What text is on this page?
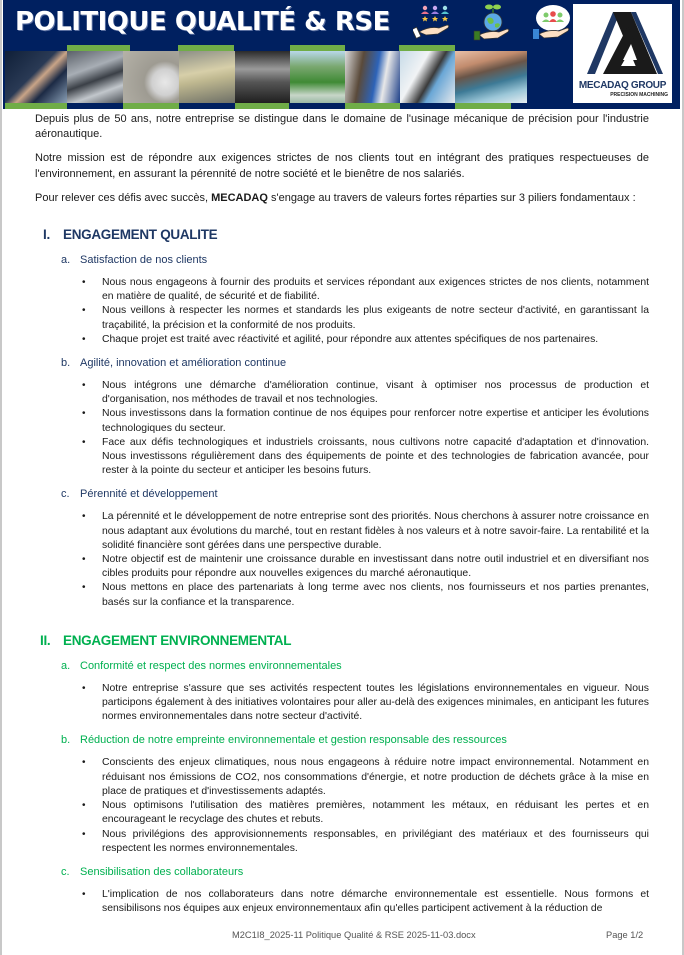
POLITIQUE QUALITÉ & RSE
MECADAQ GROUP
PRECISION MACHINING

Depuis plus de 50 ans, notre entreprise se distingue dans le domaine de l'usinage mécanique de précision pour l'industrie aéronautique.

Notre mission est de répondre aux exigences strictes de nos clients tout en intégrant des pratiques respectueuses de l'environnement, en assurant la pérennité de notre société et le bienêtre de nos salariés.

Pour relever ces défis avec succès, MECADAQ s'engage au travers de valeurs fortes réparties sur 3 piliers fondamentaux :

I. ENGAGEMENT QUALITE
a. Satisfaction de nos clients
• Nous nous engageons à fournir des produits et services répondant aux exigences strictes de nos clients, notamment en matière de qualité, de sécurité et de fiabilité.
• Nous veillons à respecter les normes et standards les plus exigeants de notre secteur d'activité, en garantissant la traçabilité, la précision et la conformité de nos produits.
• Chaque projet est traité avec réactivité et agilité, pour répondre aux attentes spécifiques de nos partenaires.
b. Agilité, innovation et amélioration continue
• Nous intégrons une démarche d'amélioration continue, visant à optimiser nos processus de production et d'organisation, nos méthodes de travail et nos technologies.
• Nous investissons dans la formation continue de nos équipes pour renforcer notre expertise et anticiper les évolutions technologiques du secteur.
• Face aux défis technologiques et industriels croissants, nous cultivons notre capacité d'adaptation et d'innovation. Nous investissons régulièrement dans des équipements de pointe et des technologies de fabrication avancée, pour rester à la pointe du secteur et anticiper les besoins futurs.
c. Pérennité et développement
• La pérennité et le développement de notre entreprise sont des priorités. Nous cherchons à assurer notre croissance en nous adaptant aux évolutions du marché, tout en restant fidèles à nos valeurs et à notre savoir-faire. La rentabilité et la solidité financière sont gérées dans une perspective durable.
• Notre objectif est de maintenir une croissance durable en investissant dans notre outil industriel et en diversifiant nos cibles produits pour répondre aux nouvelles exigences du marché aéronautique.
• Nous mettons en place des partenariats à long terme avec nos clients, nos fournisseurs et nos parties prenantes, basés sur la confiance et la transparence.
II. ENGAGEMENT ENVIRONNEMENTAL
a. Conformité et respect des normes environnementales
• Notre entreprise s'assure que ses activités respectent toutes les législations environnementales en vigueur. Nous participons également à des initiatives volontaires pour aller au-delà des exigences minimales, en anticipant les futures normes environnementales dans notre secteur d'activité.
b. Réduction de notre empreinte environnementale et gestion responsable des ressources
• Conscients des enjeux climatiques, nous nous engageons à réduire notre impact environnemental. Notamment en réduisant nos émissions de CO2, nos consommations d'énergie, et notre production de déchets grâce à la mise en place de pratiques et d'investissements adaptés.
• Nous optimisons l'utilisation des matières premières, notamment les métaux, en réduisant les pertes et en encourageant le recyclage des chutes et rebuts.
• Nous privilégions des approvisionnements responsables, en privilégiant des matériaux et des fournisseurs qui respectent les normes environnementales.
c. Sensibilisation des collaborateurs
• L'implication de nos collaborateurs dans notre démarche environnementale est essentielle. Nous formons et sensibilisons nos équipes aux enjeux environnementaux afin qu'elles participent activement à la réduction de
M2C1I8_2025-11 Politique Qualité & RSE 2025-11-03.docx	Page 1/2
